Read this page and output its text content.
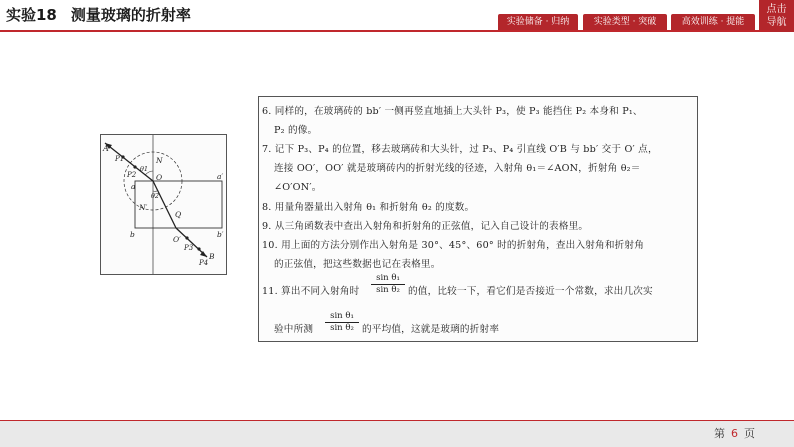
实验18 测量玻璃的折射率	实验储备 · 归纳	实验类型 · 突破	高效训练 · 提能
点击
导航
A
P1
P2
θ1
N
O
a
a′
N′
θ2
Q
b	b′
O′
P3
P4
B
6. 同样的，在玻璃砖的 bb′ 一侧再竖直地插上大头针 P₃，使 P₃ 能挡住 P₂ 本身和 P₁、
P₂ 的像。
7. 记下 P₃、P₄ 的位置，移去玻璃砖和大头针，过 P₃、P₄ 引直线 O′B 与 bb′ 交于 O′ 点，
连接 OO′，OO′ 就是玻璃砖内的折射光线的径迹，入射角 θ₁＝∠AON，折射角 θ₂＝
∠O′ON′。
8. 用量角器量出入射角 θ₁ 和折射角 θ₂ 的度数。
9. 从三角函数表中查出入射角和折射角的正弦值，记入自己设计的表格里。
10. 用上面的方法分别作出入射角是 30°、45°、60° 时的折射角，查出入射角和折射角
的正弦值，把这些数据也记在表格里。
11. 算出不同入射角时 $\frac{\text{sin θ₁}}{\text{sin θ₂}}$ 的值，比较一下，看它们是否接近一个常数，求出几次实
验中所测 $\frac{\text{sin θ₁}}{\text{sin θ₂}}$ 的平均值，这就是玻璃的折射率
第 6 页
